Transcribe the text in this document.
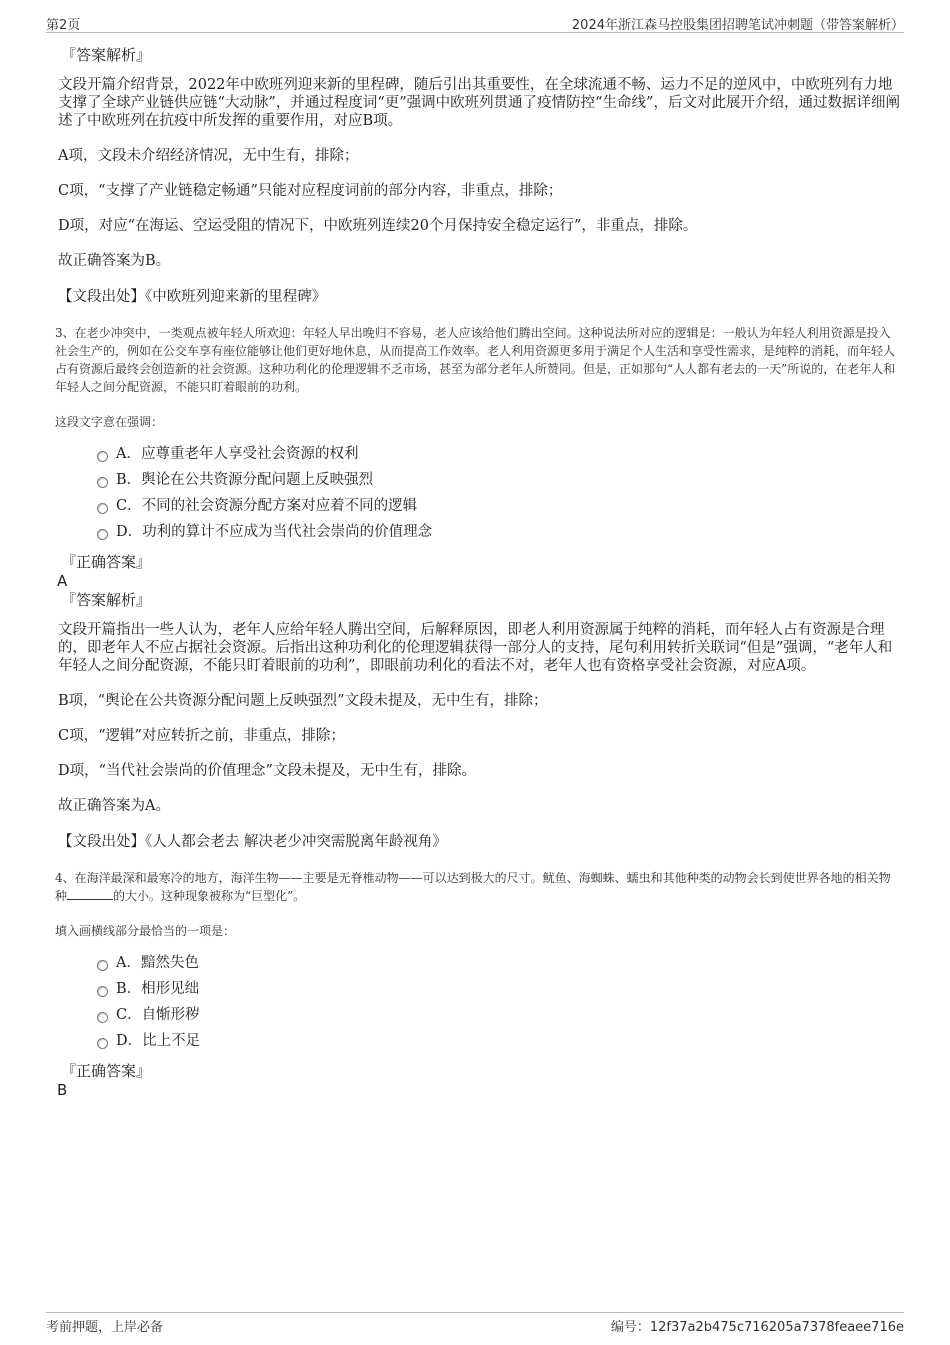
第2页	2024年浙江森马控股集团招聘笔试冲刺题（带答案解析）
『答案解析』

文段开篇介绍背景，2022年中欧班列迎来新的里程碑，随后引出其重要性，在全球流通不畅、运力不足的逆风中，中欧班列有力地支撑了全球产业链供应链“大动脉”，并通过程度词“更”强调中欧班列贯通了疫情防控“生命线”，后文对此展开介绍，通过数据详细阐述了中欧班列在抗疫中所发挥的重要作用，对应B项。

A项，文段未介绍经济情况，无中生有，排除；

C项，“支撑了产业链稳定畅通”只能对应程度词前的部分内容，非重点，排除；

D项，对应“在海运、空运受阻的情况下，中欧班列连续20个月保持安全稳定运行”，非重点，排除。

故正确答案为B。

【文段出处】《中欧班列迎来新的里程碑》

3、在老少冲突中，一类观点被年轻人所欢迎：年轻人早出晚归不容易，老人应该给他们腾出空间。这种说法所对应的逻辑是：一般认为年轻人利用资源是投入社会生产的，例如在公交车享有座位能够让他们更好地休息，从而提高工作效率。老人利用资源更多用于满足个人生活和享受性需求，是纯粹的消耗，而年轻人占有资源后最终会创造新的社会资源。这种功利化的伦理逻辑不乏市场，甚至为部分老年人所赞同。但是，正如那句“人人都有老去的一天”所说的，在老年人和年轻人之间分配资源，不能只盯着眼前的功利。

这段文字意在强调：

A．应尊重老年人享受社会资源的权利
B．舆论在公共资源分配问题上反映强烈
C．不同的社会资源分配方案对应着不同的逻辑
D．功利的算计不应成为当代社会崇尚的价值理念
『正确答案』
A
『答案解析』

文段开篇指出一些人认为，老年人应给年轻人腾出空间，后解释原因，即老人利用资源属于纯粹的消耗，而年轻人占有资源是合理的，即老年人不应占据社会资源。后指出这种功利化的伦理逻辑获得一部分人的支持，尾句利用转折关联词“但是”强调，“老年人和年轻人之间分配资源，不能只盯着眼前的功利”，即眼前功利化的看法不对，老年人也有资格享受社会资源，对应A项。

B项，“舆论在公共资源分配问题上反映强烈”文段未提及，无中生有，排除；

C项，“逻辑”对应转折之前，非重点，排除；

D项，“当代社会崇尚的价值理念”文段未提及，无中生有，排除。

故正确答案为A。

【文段出处】《人人都会老去 解决老少冲突需脱离年龄视角》

4、在海洋最深和最寒冷的地方，海洋生物——主要是无脊椎动物——可以达到极大的尺寸。鱿鱼、海蜘蛛、蠕虫和其他种类的动物会长到使世界各地的相关物种	的大小。这种现象被称为“巨型化”。

填入画横线部分最恰当的一项是：

A．黯然失色
B．相形见绌
C．自惭形秽
D．比上不足
『正确答案』
B
考前押题，上岸必备	编号：12f37a2b475c716205a7378feaee716e
